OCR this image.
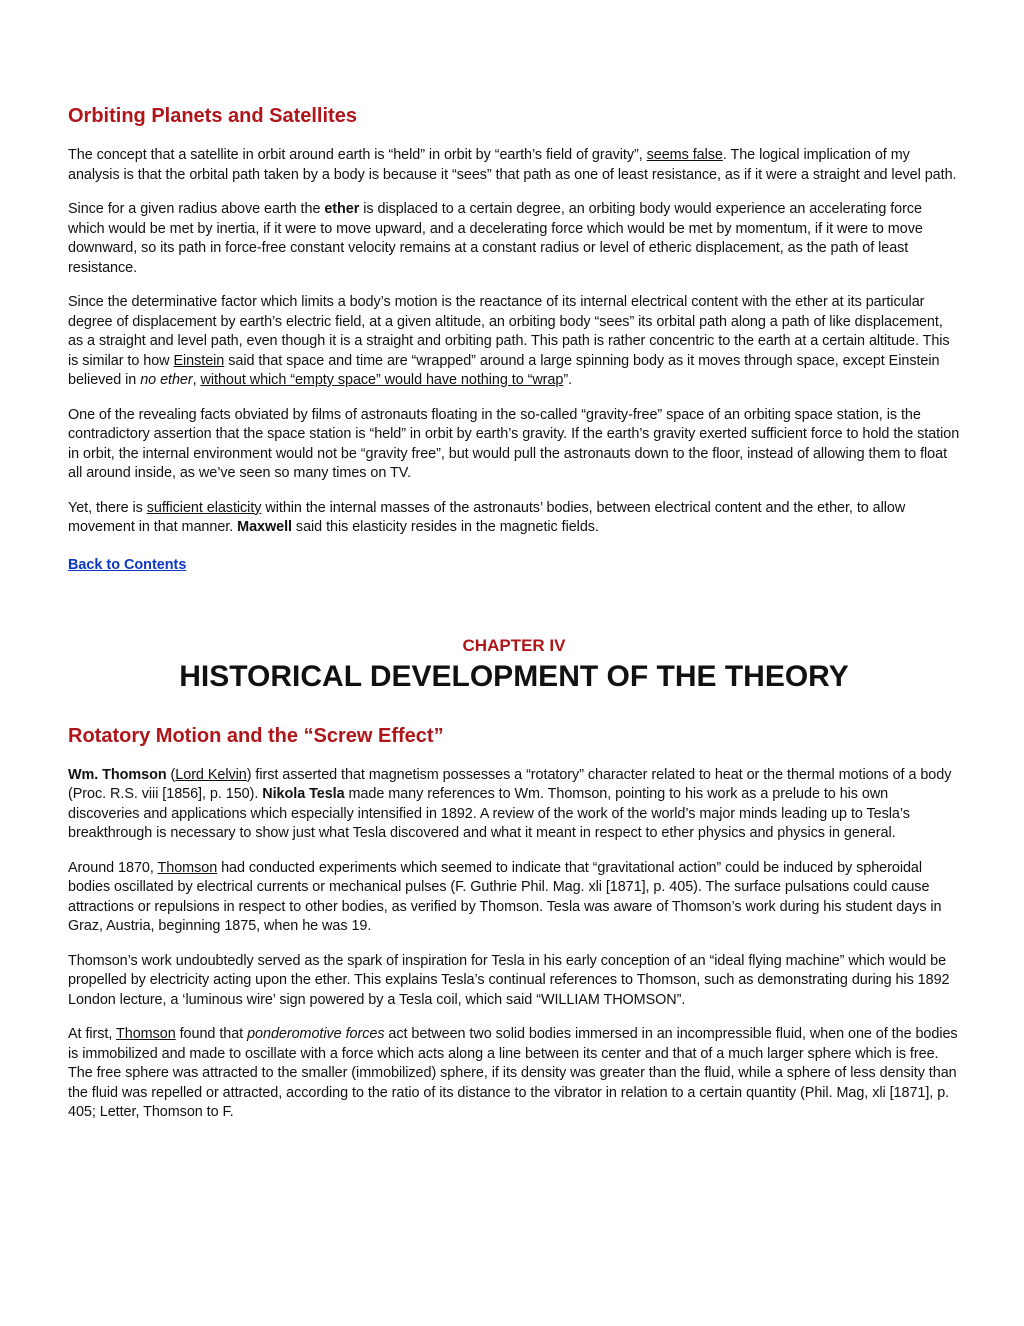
Orbiting Planets and Satellites

The concept that a satellite in orbit around earth is “held” in orbit by “earth’s field of gravity”, seems false. The logical implication of my analysis is that the orbital path taken by a body is because it “sees” that path as one of least resistance, as if it were a straight and level path.

Since for a given radius above earth the ether is displaced to a certain degree, an orbiting body would experience an accelerating force which would be met by inertia, if it were to move upward, and a decelerating force which would be met by momentum, if it were to move downward, so its path in force-free constant velocity remains at a constant radius or level of etheric displacement, as the path of least resistance.

Since the determinative factor which limits a body’s motion is the reactance of its internal electrical content with the ether at its particular degree of displacement by earth’s electric field, at a given altitude, an orbiting body “sees” its orbital path along a path of like displacement, as a straight and level path, even though it is a straight and orbiting path. This path is rather concentric to the earth at a certain altitude. This is similar to how Einstein said that space and time are “wrapped” around a large spinning body as it moves through space, except Einstein believed in no ether, without which “empty space” would have nothing to “wrap”.

One of the revealing facts obviated by films of astronauts floating in the so-called “gravity-free” space of an orbiting space station, is the contradictory assertion that the space station is “held” in orbit by earth’s gravity. If the earth’s gravity exerted sufficient force to hold the station in orbit, the internal environment would not be “gravity free”, but would pull the astronauts down to the floor, instead of allowing them to float all around inside, as we’ve seen so many times on TV.

Yet, there is sufficient elasticity within the internal masses of the astronauts’ bodies, between electrical content and the ether, to allow movement in that manner. Maxwell said this elasticity resides in the magnetic fields.

Back to Contents
CHAPTER IV
HISTORICAL DEVELOPMENT OF THE THEORY
Rotatory Motion and the “Screw Effect”

Wm. Thomson (Lord Kelvin) first asserted that magnetism possesses a “rotatory” character related to heat or the thermal motions of a body (Proc. R.S. viii [1856], p. 150). Nikola Tesla made many references to Wm. Thomson, pointing to his work as a prelude to his own discoveries and applications which especially intensified in 1892. A review of the work of the world’s major minds leading up to Tesla’s breakthrough is necessary to show just what Tesla discovered and what it meant in respect to ether physics and physics in general.

Around 1870, Thomson had conducted experiments which seemed to indicate that “gravitational action” could be induced by spheroidal bodies oscillated by electrical currents or mechanical pulses (F. Guthrie Phil. Mag. xli [1871], p. 405). The surface pulsations could cause attractions or repulsions in respect to other bodies, as verified by Thomson. Tesla was aware of Thomson’s work during his student days in Graz, Austria, beginning 1875, when he was 19.

Thomson’s work undoubtedly served as the spark of inspiration for Tesla in his early conception of an “ideal flying machine” which would be propelled by electricity acting upon the ether. This explains Tesla’s continual references to Thomson, such as demonstrating during his 1892 London lecture, a ‘luminous wire’ sign powered by a Tesla coil, which said “WILLIAM THOMSON”.

At first, Thomson found that ponderomotive forces act between two solid bodies immersed in an incompressible fluid, when one of the bodies is immobilized and made to oscillate with a force which acts along a line between its center and that of a much larger sphere which is free. The free sphere was attracted to the smaller (immobilized) sphere, if its density was greater than the fluid, while a sphere of less density than the fluid was repelled or attracted, according to the ratio of its distance to the vibrator in relation to a certain quantity (Phil. Mag, xli [1871], p. 405; Letter, Thomson to F.
